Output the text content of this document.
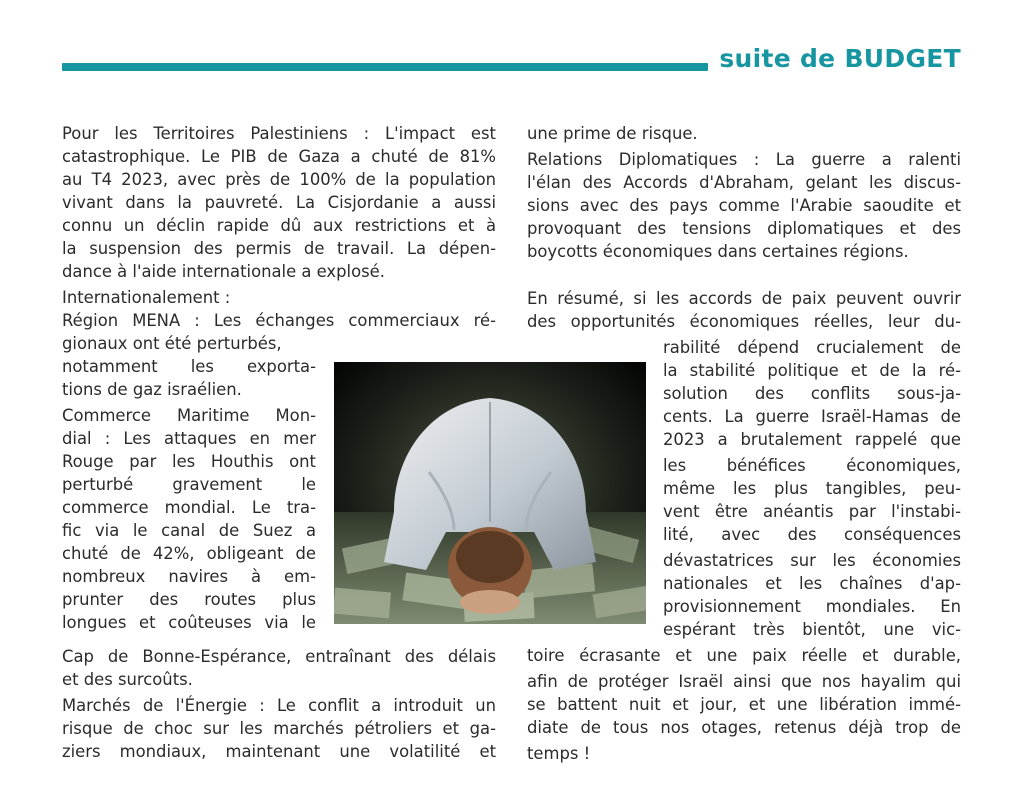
suite de BUDGET
Pour les Territoires Palestiniens : L'impact est
catastrophique. Le PIB de Gaza a chuté de 81%
au T4 2023, avec près de 100% de la population
vivant dans la pauvreté. La Cisjordanie a aussi
connu un déclin rapide dû aux restrictions et à
la suspension des permis de travail. La dépen-
dance à l'aide internationale a explosé.
Internationalement :
Région MENA : Les échanges commerciaux ré-
gionaux ont été perturbés,
notamment les exporta-
tions de gaz israélien.
Commerce Maritime Mon-
dial : Les attaques en mer
Rouge par les Houthis ont
perturbé gravement le
commerce mondial. Le tra-
fic via le canal de Suez a
chuté de 42%, obligeant de
nombreux navires à em-
prunter des routes plus
longues et coûteuses via le
Cap de Bonne-Espérance, entraînant des délais
et des surcoûts.
Marchés de l'Énergie : Le conflit a introduit un
risque de choc sur les marchés pétroliers et ga-
ziers mondiaux, maintenant une volatilité et
une prime de risque.
Relations Diplomatiques : La guerre a ralenti
l'élan des Accords d'Abraham, gelant les discus-
sions avec des pays comme l'Arabie saoudite et
provoquant des tensions diplomatiques et des
boycotts économiques dans certaines régions.
En résumé, si les accords de paix peuvent ouvrir
des opportunités économiques réelles, leur du-
rabilité dépend crucialement de
la stabilité politique et de la ré-
solution des conflits sous-ja-
cents. La guerre Israël-Hamas de
2023 a brutalement rappelé que
les bénéfices économiques,
même les plus tangibles, peu-
vent être anéantis par l'instabi-
lité, avec des conséquences
dévastatrices sur les économies
nationales et les chaînes d'ap-
provisionnement mondiales. En
espérant très bientôt, une vic-
toire écrasante et une paix réelle et durable,
afin de protéger Israël ainsi que nos hayalim qui
se battent nuit et jour, et une libération immé-
diate de tous nos otages, retenus déjà trop de
temps !
